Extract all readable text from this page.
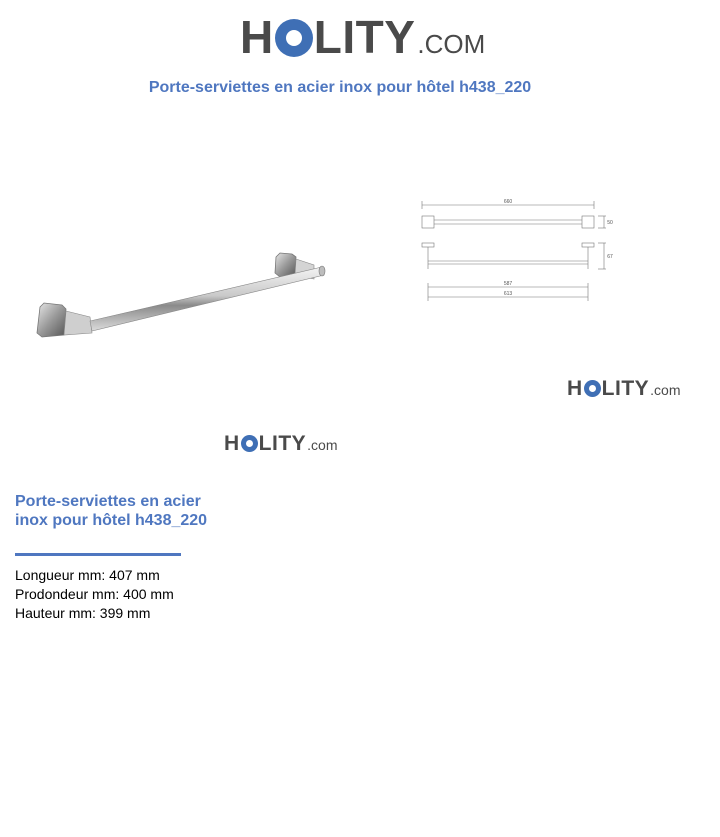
H LITY .COM
Porte-serviettes en acier inox pour hôtel h438_220
660
587
613
50
67
H LITY .com
H LITY .com
Porte-serviettes en acier inox pour hôtel h438_220
Longueur mm: 407 mm
Prodondeur mm: 400 mm
Hauteur mm: 399 mm
